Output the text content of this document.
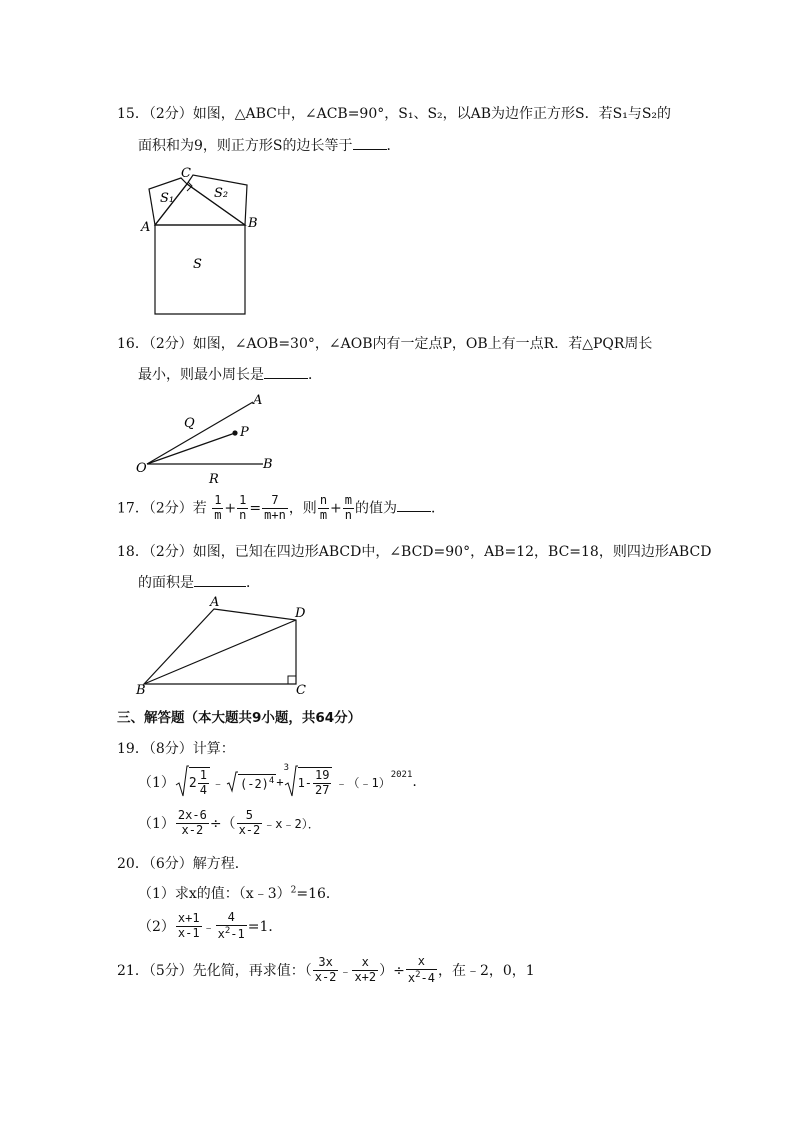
15．（2分）如图，△ABC中，∠ACB=90°，S₁、S₂，以AB为边作正方形S．若S₁与S₂的
面积和为9，则正方形S的边长等于 ．
C
S₁	S₂
A	B
S
16．（2分）如图，∠AOB=30°，∠AOB内有一定点P，OB上有一点R．若△PQR周长
最小，则最小周长是	．
A
Q
P
O	B
R
17．（2分）若 $\frac{1}{m} + \frac{1}{n} = \frac{7}{m+n}$ ，则 $\frac{n}{m} + \frac{m}{n}$ 的值为 ．
18．（2分）如图，已知在四边形ABCD中，∠BCD=90°，AB=12，BC=18，则四边形ABCD
的面积是	．
A
D
B	C
三、解答题（本大题共9小题，共64分）
19．（8分）计算：
（1） $2 \frac{1}{4}$ ﹣ $(-2)^4$ +
3
$1- \frac{19}{27}$ ﹣（﹣1）
2021 .
$(1) \frac{2x-6}{x-2}$ ÷（ $\frac{5}{x-2}$ ﹣x﹣2）．
20．（6分）解方程．
（1）求x的值：（x﹣3）$^2$=16．
$(2) \frac{x+1}{x-1}$ ﹣ $\frac{4}{x^2-1} =1$．
21．（5分）先化简，再求值：（ $\frac{3x}{x-2}$ ﹣ $\frac{x}{x+2}$ ）÷ $\frac{x}{x^2-4}$ ，在﹣2，0，1
